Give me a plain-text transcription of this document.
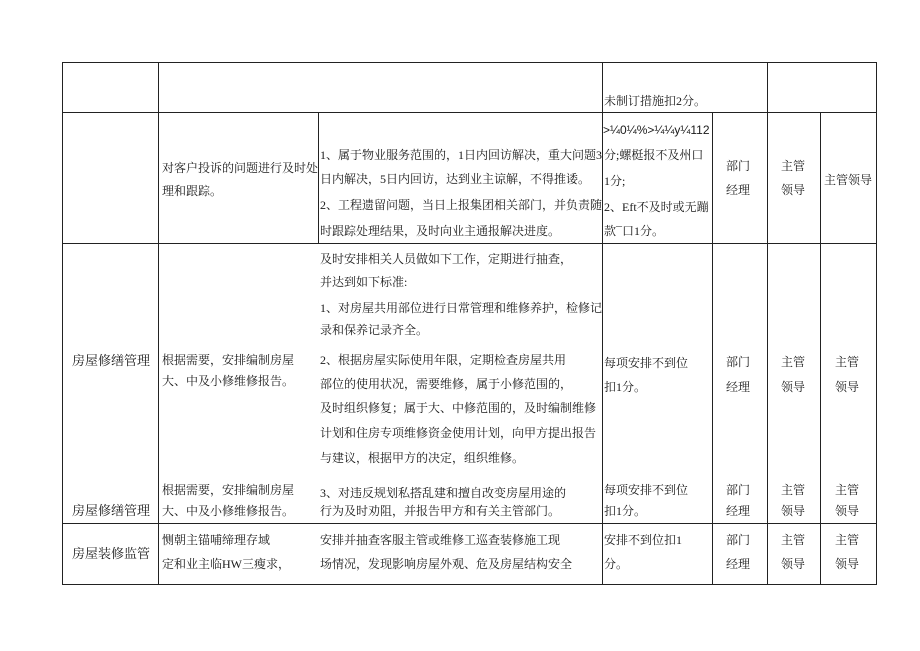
未制订措施扣2分。
对客户投诉的问题进行及时处
理和跟踪。
1、属于物业服务范围的，1日内回访解决，重大问题3
日内解决，5日内回访，达到业主谅解，不得推诿。
2、工程遗留问题，当日上报集团相关部门，并负责随
时跟踪处理结果，及时向业主通报解决进度。
>¼0¼%>¼¼y¼112
分;螺梃报不及州口
1分;
2、Eft不及时或无蹦
款¯口1分。
部门
经理
主管
领导
主管领导
房屋修缮管理 根据需要，安排编制房屋
大、中及小修维修报告。
及时安排相关人员做如下工作，定期进行抽查，
并达到如下标准:
1、对房屋共用部位进行日常管理和维修养护，检修记
录和保养记录齐全。
2、根据房屋实际使用年限，定期检查房屋共用
部位的使用状况，需要维修，属于小修范围的，
及时组织修复；属于大、中修范围的，及时编制维修
计划和住房专项维修资金使用计划，向甲方提出报告
与建议，根据甲方的决定，组织维修。
每项安排不到位
扣1分。
部门
经理
主管
领导
主管
领导
房屋修缮管理
根据需要，安排编制房屋
大、中及小修维修报告。
3、对违反规划私搭乱建和擅自改变房屋用途的
行为及时劝阻，并报告甲方和有关主管部门。
每项安排不到位
扣1分。
部门
经理
主管
领导
主管
领导
房屋装修监管
恻朝主锚哺缔理存域
定和业主临HW三瘦求，
安排并抽查客服主管或维修工巡查装修施工现
场情况，发现影响房屋外观、危及房屋结构安全
安排不到位扣1
分。
部门
经理
主管
领导
主管
领导
